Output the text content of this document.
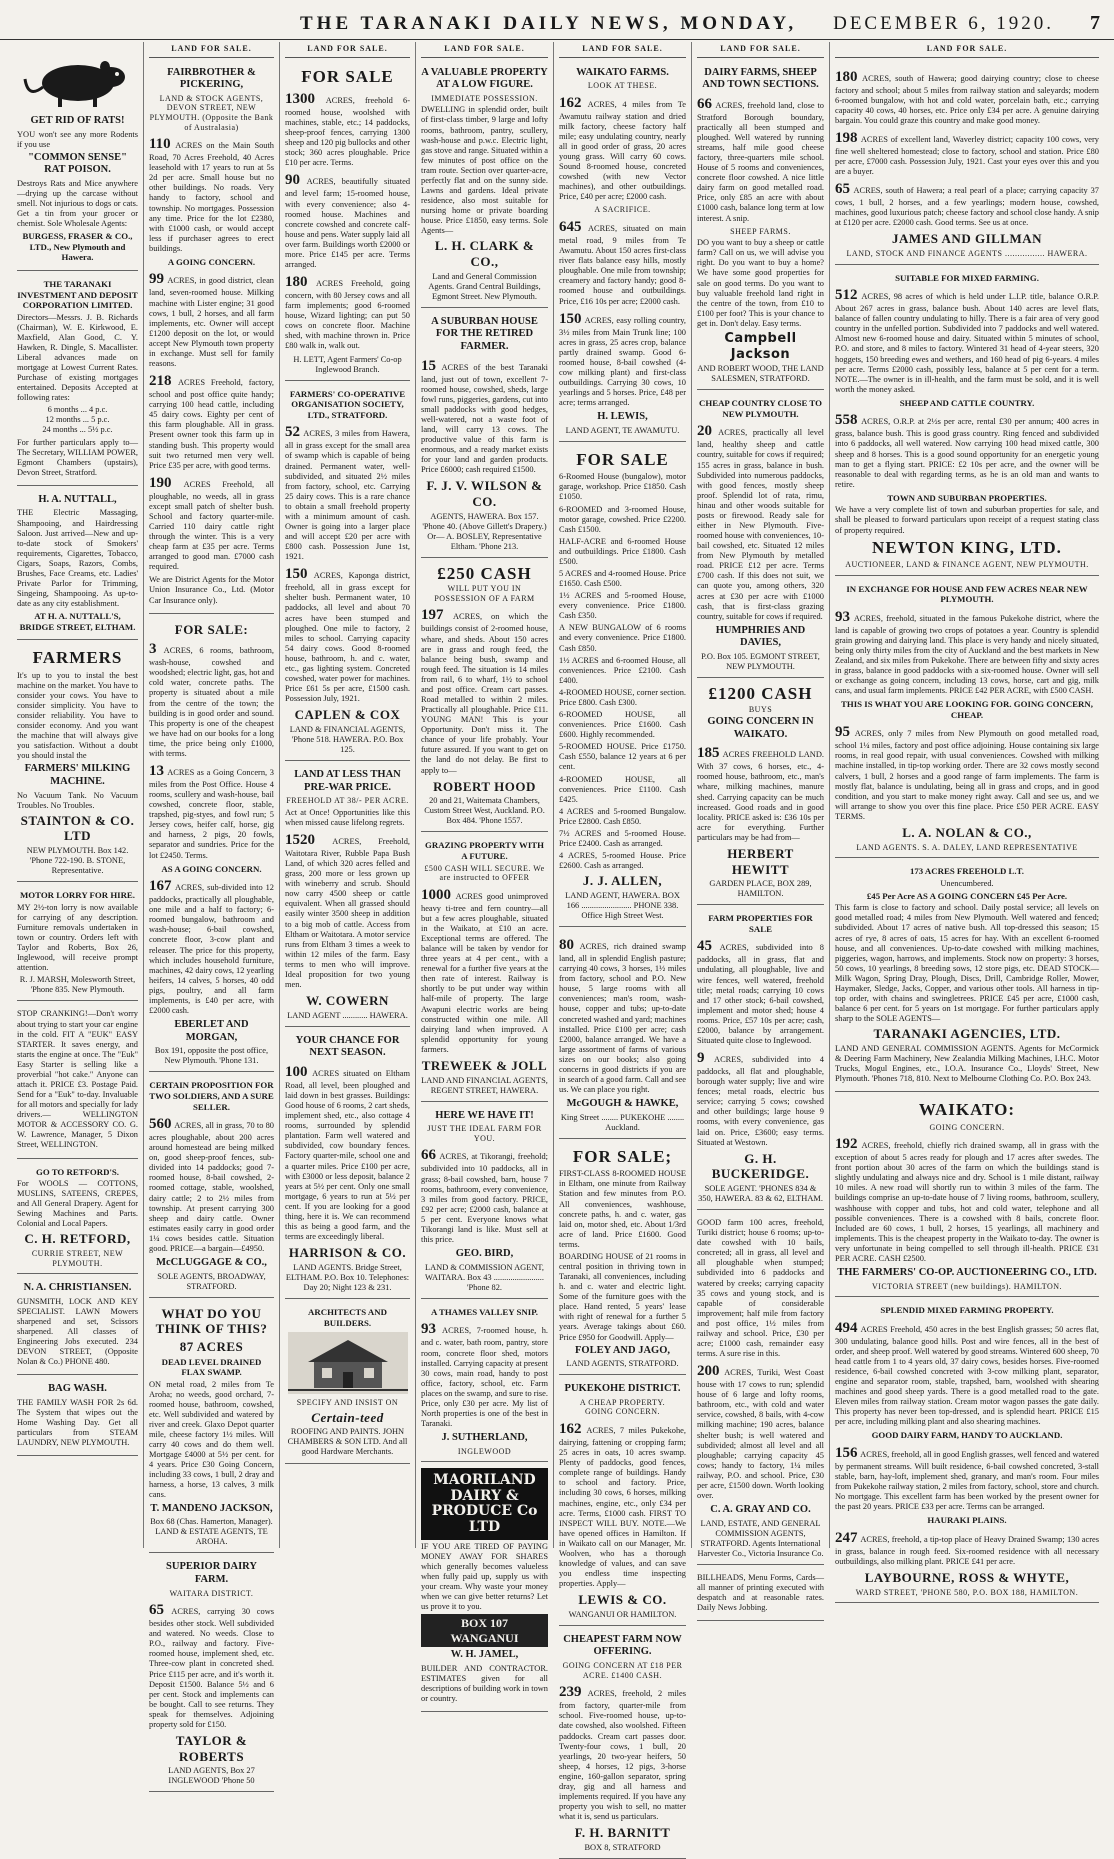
THE TARANAKI DAILY NEWS, MONDAY, DECEMBER 6, 1920. 7
GET RID OF RATS!
YOU won't see any more Rodents if you use
"COMMON SENSE" RAT POISON.
Destroys Rats and Mice anywhere—drying up the carcase without smell. Not injurious to dogs or cats. Get a tin from your grocer or chemist. Sole Wholesale Agents:
BURGESS, FRASER & CO., LTD., New Plymouth and Hawera.
THE TARANAKI INVESTMENT AND DEPOSIT CORPORATION LIMITED.
Directors—Messrs. J. B. Richards (Chairman), W. E. Kirkwood, E. Maxfield, Alan Good, C. Y. Hawken, R. Dingle, S. Macallister. Liberal advances made on mortgage at Lowest Current Rates. Purchase of existing mortgages entertained. Deposits Accepted at following rates:
6 months ... 4 p.c.
12 months ... 5 p.c.
24 months ... 5½ p.c.
For further particulars apply to— The Secretary, WILLIAM POWER, Egmont Chambers (upstairs), Devon Street, Stratford.
H. A. NUTTALL,
THE Electric Massaging, Shampooing, and Hairdressing Saloon. Just arrived—New and up-to-date stock of Smokers' requirements, Cigarettes, Tobacco, Cigars, Soaps, Razors, Combs, Brushes, Face Creams, etc. Ladies' Private Parlor for Trimming, Singeing, Shampooing. As up-to-date as any city establishment.
AT H. A. NUTTALL'S, BRIDGE STREET, ELTHAM.
FARMERS
It's up to you to instal the best machine on the market. You have to consider your cows. You have to consider simplicity. You have to consider reliability. You have to consider economy. And you want the machine that will always give you satisfaction. Without a doubt you should instal the
FARMERS' MILKING MACHINE.
No Vacuum Tank. No Vacuum Troubles. No Troubles.
STAINTON & CO. LTD
NEW PLYMOUTH. Box 142. 'Phone 722-190. B. STONE, Representative.
MOTOR LORRY FOR HIRE.
MY 2½-ton lorry is now available for carrying of any description. Furniture removals undertaken in town or country. Orders left with Taylor and Roberts, Box 26, Inglewood, will receive prompt attention.
R. J. MARSH, Molesworth Street, 'Phone 835. New Plymouth.
STOP CRANKING!—Don't worry about trying to start your car engine in the cold. FIT A "EUK" EASY STARTER. It saves energy, and starts the engine at once. The "Euk" Easy Starter is selling like a proverbial "hot cake." Anyone can attach it. PRICE £3. Postage Paid. Send for a "Euk" to-day. Invaluable for all motors and specially for lady drivers.— WELLINGTON MOTOR & ACCESSORY CO. G. W. Lawrence, Manager, 5 Dixon Street, WELLINGTON.
GO TO RETFORD'S.
For WOOLS — COTTONS, MUSLINS, SATEENS, CREPES, and All General Drapery. Agent for Sewing Machines and Parts. Colonial and Local Papers.
C. H. RETFORD,
CURRIE STREET, NEW PLYMOUTH.
N. A. CHRISTIANSEN.
GUNSMITH, LOCK AND KEY SPECIALIST. LAWN Mowers sharpened and set, Scissors sharpened. All classes of Engineering Jobs executed. 234 DEVON STREET, (Opposite Nolan & Co.) PHONE 480.
BAG WASH.
THE FAMILY WASH FOR 2s 6d. The System that wipes out the Home Washing Day. Get all particulars from STEAM LAUNDRY, NEW PLYMOUTH.
LAND FOR SALE.
FAIRBROTHER & PICKERING,
LAND & STOCK AGENTS, DEVON STREET, NEW PLYMOUTH. (Opposite the Bank of Australasia)
110 ACRES on the Main South Road, 70 Acres Freehold, 40 Acres leasehold with 17 years to run at 5s 2d per acre. Small house but no other buildings. No roads. Very handy to factory, school and township. No mortgages. Possession any time. Price for the lot £2380, with £1000 cash, or would accept less if purchaser agrees to erect buildings.
A GOING CONCERN.
99 ACRES, in good district, clean land, seven-roomed house. Milking machine with Lister engine; 31 good cows, 1 bull, 2 horses, and all farm implements, etc. Owner will accept £1200 deposit on the lot, or would accept New Plymouth town property in exchange. Must sell for family reasons.
218 ACRES Freehold, factory, school and post office quite handy; carrying 100 head cattle, including 45 dairy cows. Eighty per cent of this farm ploughable. All in grass. Present owner took this farm up in standing bush. This property would suit two returned men very well. Price £35 per acre, with good terms.
190 ACRES Freehold, all ploughable, no weeds, all in grass except small patch of shelter bush. School and factory quarter-mile. Carried 110 dairy cattle right through the winter. This is a very cheap farm at £35 per acre. Terms arranged to good man. £7000 cash required.
We are District Agents for the Motor Union Insurance Co., Ltd. (Motor Car Insurance only).
FOR SALE:
3 ACRES, 6 rooms, bathroom, wash-house, cowshed and woodshed; electric light, gas, hot and cold water, concrete paths. The property is situated about a mile from the centre of the town; the building is in good order and sound. This property is one of the cheapest we have had on our books for a long time, the price being only £1000, with terms.
13 ACRES as a Going Concern, 3 miles from the Post Office. House 4 rooms, scullery and wash-house, bail cowshed, concrete floor, stable, trapshed, pig-styes, and fowl run; 5 Jersey cows, heifer calf, horse, gig and harness, 2 pigs, 20 fowls, separator and sundries. Price for the lot £2450. Terms.
AS A GOING CONCERN.
167 ACRES, sub-divided into 12 paddocks, practically all ploughable, one mile and a half to factory; 6-roomed bungalow, bathroom and wash-house; 6-bail cowshed, concrete floor, 3-cow plant and releaser. The price for this property, which includes household furniture, machines, 42 dairy cows, 12 yearling heifers, 14 calves, 5 horses, 40 odd pigs, poultry, and all farm implements, is £40 per acre, with £2000 cash.
EBERLET AND MORGAN,
Box 191, opposite the post office, New Plymouth. 'Phone 131.
CERTAIN PROPOSITION FOR TWO SOLDIERS, AND A SURE SELLER.
560 ACRES, all in grass, 70 to 80 acres ploughable, about 200 acres around homestead are being milked on, good sheep-proof fences, sub-divided into 14 paddocks; good 7-roomed house, 8-bail cowshed, 2-roomed cottage, stable, woolshed, dairy cattle; 2 to 2½ miles from township. At present carrying 300 sheep and dairy cattle. Owner estimates easily carry in good order 1¼ cows besides cattle. Situation good. PRICE—a bargain—£4950.
McCLUGGAGE & CO.,
SOLE AGENTS, BROADWAY, STRATFORD.
WHAT DO YOU THINK OF THIS?
87 ACRES
DEAD LEVEL DRAINED FLAX SWAMP.
ON metal road, 2 miles from Te Aroha; no weeds, good orchard, 7-roomed house, bathroom, cowshed, etc. Well subdivided and watered by river and creek. Glaxo Depot quarter mile, cheese factory 1½ miles. Will carry 40 cows and do them well. Mortgage £4000 at 5½ per cent. for 4 years. Price £30 Going Concern, including 33 cows, 1 bull, 2 dray and harness, a horse, 13 calves, 3 milk cans.
T. MANDENO JACKSON,
Box 68 (Chas. Hamerton, Manager). LAND & ESTATE AGENTS, TE AROHA.
SUPERIOR DAIRY FARM.
WAITARA DISTRICT.
65 ACRES, carrying 30 cows besides other stock. Well subdivided and watered. No weeds. Close to P.O., railway and factory. Five-roomed house, implement shed, etc. Three-cow plant in concreted shed. Price £115 per acre, and it's worth it. Deposit £1500. Balance 5½ and 6 per cent. Stock and implements can be bought. Call to see returns. They speak for themselves. Adjoining property sold for £150.
TAYLOR & ROBERTS
LAND AGENTS, Box 27 INGLEWOOD 'Phone 50
LAND FOR SALE.
FOR SALE
1300 ACRES, freehold 6-roomed house, woolshed with machines, stable, etc.; 14 paddocks, sheep-proof fences, carrying 1300 sheep and 120 pig bullocks and other stock; 360 acres ploughable. Price £10 per acre. Terms.
90 ACRES, beautifully situated and level farm; 15-roomed house, with every convenience; also 4-roomed house. Machines and concrete cowshed and concrete calf-house and pens. Water supply laid all over farm. Buildings worth £2000 or more. Price £145 per acre. Terms arranged.
180 ACRES Freehold, going concern, with 80 Jersey cows and all farm implements; good 6-roomed house, Wizard lighting; can put 50 cows on concrete floor. Machine shed, with machine thrown in. Price £80 walk in, walk out.
H. LETT, Agent Farmers' Co-op Inglewood Branch.
FARMERS' CO-OPERATIVE ORGANISATION SOCIETY, LTD., STRATFORD.
52 ACRES, 3 miles from Hawera, all in grass except for the small area of swamp which is capable of being drained. Permanent water, well-subdivided, and situated 2½ miles from factory, school, etc. Carrying 25 dairy cows. This is a rare chance to obtain a small freehold property with a minimum amount of cash. Owner is going into a larger place and will accept £20 per acre with £800 cash. Possession June 1st, 1921.
150 ACRES, Kaponga district, freehold, all in grass except for shelter bush. Permanent water, 10 paddocks, all level and about 70 acres have been stumped and ploughed. One mile to factory, 2 miles to school. Carrying capacity 54 dairy cows. Good 8-roomed house, bathroom, h. and c. water, etc., gas lighting system. Concreted cowshed, water power for machines. Price £61 5s per acre, £1500 cash. Possession July, 1921.
CAPLEN & COX
LAND & FINANCIAL AGENTS, 'Phone 518. HAWERA. P.O. Box 125.
LAND AT LESS THAN PRE-WAR PRICE.
FREEHOLD AT 38/- PER ACRE.
Act at Once! Opportunities like this when missed cause lifelong regrets.
1520 ACRES, Freehold, Waitotara River, Rubble Papa Bush Land, of which 320 acres felled and grass, 200 more or less grown up with wineberry and scrub. Should now carry 4500 sheep or cattle equivalent. When all grassed should easily winter 3500 sheep in addition to a big mob of cattle. Access from Eltham or Waitotara. A motor service runs from Eltham 3 times a week to within 12 miles of the farm. Easy terms to men who will improve. Ideal proposition for two young men.
W. COWERN
LAND AGENT ............ HAWERA.
YOUR CHANCE FOR NEXT SEASON.
100 ACRES situated on Eltham Road, all level, been ploughed and laid down in best grasses. Buildings: Good house of 6 rooms, 2 cart sheds, implement shed, etc., also cottage 4 rooms, surrounded by splendid plantation. Farm well watered and subdivided, cow boundary fences. Factory quarter-mile, school one and a quarter miles. Price £100 per acre, with £3000 or less deposit, balance 2 years at 5½ per cent. Only one small mortgage, 6 years to run at 5½ per cent. If you are looking for a good thing, here it is. We can recommend this as being a good farm, and the terms are exceedingly liberal.
HARRISON & CO.
LAND AGENTS. Bridge Street, ELTHAM. P.O. Box 10. Telephones: Day 20; Night 123 & 231.
ARCHITECTS AND BUILDERS.
SPECIFY AND INSIST ON
Certain-teed
ROOFING AND PAINTS. JOHN CHAMBERS & SON LTD. And all good Hardware Merchants.
LAND FOR SALE.
A VALUABLE PROPERTY AT A LOW FIGURE.
IMMEDIATE POSSESSION.
DWELLING in splendid order, built of first-class timber, 9 large and lofty rooms, bathroom, pantry, scullery, wash-house and p.w.c. Electric light, gas stove and range. Situated within a few minutes of post office on the tram route. Section over quarter-acre, perfectly flat and on the sunny side. Lawns and gardens. Ideal private residence, also most suitable for nursing home or private boarding house. Price £1850, easy terms. Sole Agents—
L. H. CLARK & CO.,
Land and General Commission Agents. Grand Central Buildings, Egmont Street. New Plymouth.
A SUBURBAN HOUSE FOR THE RETIRED FARMER.
15 ACRES of the best Taranaki land, just out of town, excellent 7-roomed house, cowshed, sheds, large fowl runs, piggeries, gardens, cut into small paddocks with good hedges, well-watered, not a waste foot of land, will carry 13 cows. The productive value of this farm is enormous, and a ready market exists for your land and garden products. Price £6000; cash required £1500.
F. J. V. WILSON & CO.
AGENTS, HAWERA. Box 157. 'Phone 40. (Above Gillett's Drapery.) Or— A. BOSLEY, Representative Eltham. 'Phone 213.
£250 CASH
WILL PUT YOU IN POSSESSION OF A FARM
197 ACRES, on which the buildings consist of 2-roomed house, whare, and sheds. About 150 acres are in grass and rough feed, the balance being bush, swamp and rough feed. The situation is 14 miles from rail, 6 to wharf, 1½ to school and post office. Cream cart passes. Road metalled to within 2 miles. Practically all ploughable. Price £11. YOUNG MAN! This is your Opportunity. Don't miss it. The chance of your life probably. Your future assured. If you want to get on the land do not delay. Be first to apply to—
ROBERT HOOD
20 and 21, Waitemata Chambers, Custom Street West, Auckland. P.O. Box 484. 'Phone 1557.
GRAZING PROPERTY WITH A FUTURE.
£500 CASH WILL SECURE. We are instructed to OFFER
1000 ACRES good unimproved heavy ti-tree and fern country—all but a few acres ploughable, situated in the Waikato, at £10 an acre. Exceptional terms are offered. The balance will be taken by vendor for three years at 4 per cent., with a renewal for a further five years at the then rate of interest. Railway is shortly to be put under way within half-mile of property. The large Awapuni electric works are being constructed within one mile. All dairying land when improved. A splendid opportunity for young farmers.
TREWEEK & JOLL
LAND AND FINANCIAL AGENTS, REGENT STREET, HAWERA.
HERE WE HAVE IT!
JUST THE IDEAL FARM FOR YOU.
66 ACRES, at Tikorangi, freehold; subdivided into 10 paddocks, all in grass; 8-bail cowshed, barn, house 7 rooms, bathroom, every convenience, 3 miles from good factory. PRICE, £92 per acre; £2000 cash, balance at 5 per cent. Everyone knows what Tikorangi land is like. Must sell at this price.
GEO. BIRD,
LAND & COMMISSION AGENT, WAITARA. Box 43 ........................ 'Phone 82.
A THAMES VALLEY SNIP.
93 ACRES, 7-roomed house, h. and c. water, bath room, pantry, store room, concrete floor shed, motors installed. Carrying capacity at present 30 cows, main road, handy to post office, factory, school, etc. Farm places on the swamp, and sure to rise. Price, only £30 per acre. My list of North properties is one of the best in Taranaki.
J. SUTHERLAND,
INGLEWOOD
MAORILAND DAIRY & PRODUCE Co LTD
IF YOU ARE TIRED OF PAYING MONEY AWAY FOR SHARES which generally becomes valueless when fully paid up, supply us with your cream. Why waste your money when we can give better returns? Let us prove it to you.
BOX 107 WANGANUI
W. H. JAMEL,
BUILDER AND CONTRACTOR. ESTIMATES given for all descriptions of building work in town or country.
LAND FOR SALE.
WAIKATO FARMS.
LOOK AT THESE.
162 ACRES, 4 miles from Te Awamutu railway station and dried milk factory, cheese factory half mile; easy undulating country, nearly all in good order of grass, 20 acres young grass. Will carry 60 cows. Sound 8-roomed house, concreted cowshed (with new Vector machines), and other outbuildings. Price, £40 per acre; £2000 cash.
A SACRIFICE.
645 ACRES, situated on main metal road, 9 miles from Te Awamutu. About 150 acres first-class river flats balance easy hills, mostly ploughable. One mile from township; creamery and factory handy; good 8-roomed house and outbuildings. Price, £16 10s per acre; £2000 cash.
150 ACRES, easy rolling country, 3½ miles from Main Trunk line; 100 acres in grass, 25 acres crop, balance partly drained swamp. Good 6-roomed house, 8-bail cowshed (4-cow milking plant) and first-class outbuildings. Carrying 30 cows, 10 yearlings and 5 horses. Price, £48 per acre; terms arranged.
H. LEWIS,
LAND AGENT, TE AWAMUTU.
FOR SALE
6-Roomed House (bungalow), motor garage, workshop. Price £1850. Cash £1050.
6-ROOMED and 3-roomed House, motor garage, cowshed. Price £2200. Cash £1500.
HALF-ACRE and 6-roomed House and outbuildings. Price £1800. Cash £500.
5 ACRES and 4-roomed House. Price £1650. Cash £500.
1½ ACRES and 5-roomed House, every convenience. Price £1800. Cash £350.
A NEW BUNGALOW of 6 rooms and every convenience. Price £1800. Cash £850.
1½ ACRES and 6-roomed House, all conveniences. Price £2100. Cash £400.
4-ROOMED HOUSE, corner section. Price £800. Cash £300.
6-ROOMED HOUSE, all conveniences. Price £1600. Cash £600. Highly recommended.
5-ROOMED HOUSE. Price £1750. Cash £550, balance 12 years at 6 per cent.
4-ROOMED HOUSE, all conveniences. Price £1100. Cash £425.
4 ACRES and 5-roomed Bungalow. Price £2800. Cash £850.
7½ ACRES and 5-roomed House. Price £2400. Cash as arranged.
4 ACRES, 5-roomed House. Price £2600. Cash as arranged.
J. J. ALLEN,
LAND AGENT, HAWERA. BOX 166 ........................ PHONE 338. Office High Street West.
80 ACRES, rich drained swamp land, all in splendid English pasture; carrying 40 cows, 3 horses, 1½ miles from factory, school and P.O. New house, 5 large rooms with all conveniences; man's room, wash-house, copper and tubs; up-to-date concreted washed and yard; machines installed. Price £100 per acre; cash £2000, balance arranged. We have a large assortment of farms of various sizes on our books; also going concerns in good districts if you are in search of a good farm. Call and see us. We can place you right.
McGOUGH & HAWKE,
King Street ........ PUKEKOHE ........ Auckland.
FOR SALE;
FIRST-CLASS 8-ROOMED HOUSE in Eltham, one minute from Railway Station and few minutes from P.O. All conveniences, washhouse, concrete paths, h. and c. water, gas laid on, motor shed, etc. About 1/3rd acre of land. Price £1600. Good terms.
BOARDING HOUSE of 21 rooms in central position in thriving town in Taranaki, all conveniences, including h. and c. water and electric light. Some of the furniture goes with the place. Hand rented, 5 years' lease with right of renewal for a further 5 years. Average takings about £60. Price £950 for Goodwill. Apply—
FOLEY AND JAGO,
LAND AGENTS, STRATFORD.
PUKEKOHE DISTRICT.
A CHEAP PROPERTY.
GOING CONCERN.
162 ACRES, 7 miles Pukekohe, dairying, fattening or cropping farm; 25 acres in oats, 10 acres swamp. Plenty of paddocks, good fences, complete range of buildings. Handy to school and factory. Price, including 30 cows, 6 horses, milking machines, engine, etc., only £34 per acre. Terms, £1000 cash. FIRST TO INSPECT WILL BUY. NOTE.—We have opened offices in Hamilton. If in Waikato call on our Manager, Mr. Woolven, who has a thorough knowledge of values, and can save you endless time inspecting properties. Apply—
LEWIS & CO.
WANGANUI OR HAMILTON.
CHEAPEST FARM NOW OFFERING.
GOING CONCERN AT £18 PER ACRE. £1400 CASH.
239 ACRES, freehold, 2 miles from factory, quarter-mile from school. Five-roomed house, up-to-date cowshed, also woolshed. Fifteen paddocks. Cream cart passes door. Twenty-four cows, 1 bull, 20 yearlings, 20 two-year heifers, 50 sheep, 4 horses, 12 pigs, 3-horse engine, 160-gallon separator, spring dray, gig and all harness and implements required. If you have any property you wish to sell, no matter what it is, send us particulars.
F. H. BARNITT
BOX 8, STRATFORD
LAND FOR SALE.
DAIRY FARMS, SHEEP AND TOWN SECTIONS.
66 ACRES, freehold land, close to Stratford Borough boundary, practically all been stumped and ploughed. Well watered by running streams, half mile good cheese factory, three-quarters mile school. House of 5 rooms and conveniences, concrete floor cowshed. A nice little dairy farm on good metalled road. Price, only £85 an acre with about £1000 cash, balance long term at low interest. A snip.
SHEEP FARMS.
DO you want to buy a sheep or cattle farm? Call on us, we will advise you right. Do you want to buy a home? We have some good properties for sale on good terms. Do you want to buy valuable freehold land right in the centre of the town, from £10 to £100 per foot? This is your chance to get in. Don't delay. Easy terms.
Campbell Jackson
AND ROBERT WOOD, THE LAND SALESMEN, STRATFORD.
CHEAP COUNTRY CLOSE TO NEW PLYMOUTH.
20 ACRES, practically all level land, healthy sheep and cattle country, suitable for cows if required; 155 acres in grass, balance in bush. Subdivided into numerous paddocks, with good fences, mostly sheep proof. Splendid lot of rata, rimu, hinau and other woods suitable for posts or firewood. Ready sale for either in New Plymouth. Five-roomed house with conveniences, 10-bail cowshed, etc. Situated 12 miles from New Plymouth by metalled road. PRICE £12 per acre. Terms £700 cash. If this does not suit, we can quote you, among others, 320 acres at £30 per acre with £1000 cash, that is first-class grazing country, suitable for cows if required.
HUMPHRIES AND DAVIES,
P.O. Box 105. EGMONT STREET, NEW PLYMOUTH.
£1200 CASH
BUYS
GOING CONCERN IN WAIKATO.
185 ACRES FREEHOLD LAND. With 37 cows, 6 horses, etc., 4-roomed house, bathroom, etc., man's whare, milking machines, manure shed. Carrying capacity can be much increased. Good roads and in good locality. PRICE asked is: £36 10s per acre for everything. Further particulars may be had from—
HERBERT HEWITT
GARDEN PLACE, BOX 289, HAMILTON.
FARM PROPERTIES FOR SALE
45 ACRES, subdivided into 8 paddocks, all in grass, flat and undulating, all ploughable, live and wire fences, well watered, freehold title; metal roads; carrying 10 cows and 17 other stock; 6-bail cowshed, implement and motor shed; house 4 rooms. Price, £57 10s per acre; cash, £2000, balance by arrangement. Situated quite close to Inglewood.
9 ACRES, subdivided into 4 paddocks, all flat and ploughable, borough water supply; live and wire fences; metal roads, electric bus service; carrying 5 cows; cowshed and other buildings; large house 9 rooms, with every convenience, gas laid on. Price, £3600; easy terms. Situated at Westown.
G. H. BUCKERIDGE.
SOLE AGENT. 'PHONES 834 & 350, HAWERA. 83 & 62, ELTHAM.
GOOD farm 100 acres, freehold, Turiki district; house 6 rooms; up-to-date cowshed with 10 bails, concreted; all in grass, all level and all ploughable when stumped; subdivided into 6 paddocks and watered by creeks; carrying capacity 35 cows and young stock, and is capable of considerable improvement; half mile from factory and post office, 1½ miles from railway and school. Price, £30 per acre; £1000 cash, remainder easy terms. A sure rise in this.
200 ACRES, Turiki, West Coast house with 17 cows to run; splendid house of 6 large and lofty rooms, bathroom, etc., with cold and water service, cowshed, 8 bails, with 4-cow milking machine; 190 acres, balance shelter bush; is well watered and subdivided; almost all level and all ploughable; carrying capacity 45 cows; handy to factory, 1¼ miles railway, P.O. and school. Price, £30 per acre, £1500 down. Worth looking over.
C. A. GRAY AND CO.
LAND, ESTATE, AND GENERAL COMMISSION AGENTS, STRATFORD. Agents International Harvester Co., Victoria Insurance Co.
BILLHEADS, Menu Forms, Cards—all manner of printing executed with despatch and at reasonable rates. Daily News Jobbing.
LAND FOR SALE.
180 ACRES, south of Hawera; good dairying country; close to cheese factory and school; about 5 miles from railway station and saleyards; modern 6-roomed bungalow, with hot and cold water, porcelain bath, etc.; carrying capacity 40 cows, 40 horses, etc. Price only £34 per acre. A genuine dairying bargain. You could graze this country and make good money.
198 ACRES of excellent land, Waverley district; capacity 100 cows, very fine well sheltered homestead; close to factory, school and station. Price £80 per acre, £7000 cash. Possession July, 1921. Cast your eyes over this and you are a buyer.
65 ACRES, south of Hawera; a real pearl of a place; carrying capacity 37 cows, 1 bull, 2 horses, and a few yearlings; modern house, cowshed, machines, good luxurious patch; cheese factory and school close handy. A snip at £120 per acre. £2000 cash. Good terms. See us at once.
JAMES AND GILLMAN
LAND, STOCK AND FINANCE AGENTS ................ HAWERA.
SUITABLE FOR MIXED FARMING.
512 ACRES, 98 acres of which is held under L.I.P. title, balance O.R.P. About 267 acres in grass, balance bush. About 140 acres are level flats, balance of fallen country undulating to hilly. There is a fair area of very good country in the unfelled portion. Subdivided into 7 paddocks and well watered. Almost new 6-roomed house and dairy. Situated within 5 minutes of school, P.O. and store, and 8 miles to factory. Wintered 31 head of 4-year steers, 320 hoggets, 150 breeding ewes and wethers, and 160 head of pig 6-years. 4 miles per acre. Terms £2000 cash, possibly less, balance at 5 per cent for a term. NOTE.—The owner is in ill-health, and the farm must be sold, and it is well worth the money asked.
SHEEP AND CATTLE COUNTRY.
558 ACRES, O.R.P. at 2½s per acre, rental £30 per annum; 400 acres in grass, balance bush. This is good grass country. Ring fenced and subdivided into 6 paddocks, all well watered. Now carrying 100 head mixed cattle, 300 sheep and 8 horses. This is a good sound opportunity for an energetic young man to get a flying start. PRICE: £2 10s per acre, and the owner will be reasonable to deal with regarding terms, as he is an old man and wants to retire.
TOWN AND SUBURBAN PROPERTIES.
We have a very complete list of town and suburban properties for sale, and shall be pleased to forward particulars upon receipt of a request stating class of property required.
NEWTON KING, LTD.
AUCTIONEER, LAND & FINANCE AGENT, NEW PLYMOUTH.
IN EXCHANGE FOR HOUSE AND FEW ACRES NEAR NEW PLYMOUTH.
93 ACRES, freehold, situated in the famous Pukekohe district, where the land is capable of growing two crops of potatoes a year. Country is splendid grain growing and dairying land. This place is very handy and nicely situated, being only thirty miles from the city of Auckland and the best markets in New Zealand, and six miles from Pukekohe. There are between fifty and sixty acres in grass, balance in good paddocks with a six-roomed house. Owner will sell or exchange as going concern, including 13 cows, horse, cart and gig, milk cans, and usual farm implements. PRICE £42 PER ACRE, with £500 CASH.
THIS IS WHAT YOU ARE LOOKING FOR. GOING CONCERN, CHEAP.
95 ACRES, only 7 miles from New Plymouth on good metalled road, school 1¼ miles, factory and post office adjoining. House containing six large rooms, in real good repair, with usual conveniences. Cowshed with milking machine installed, in tip-top working order. There are 32 cows mostly second calvers, 1 bull, 2 horses and a good range of farm implements. The farm is mostly flat, balance is undulating, being all in grass and crops, and in good condition, and you start to make money right away. Call and see us, and we will arrange to show you over this fine place. Price £50 PER ACRE. EASY TERMS.
L. A. NOLAN & CO.,
LAND AGENTS. S. A. DALEY, LAND REPRESENTATIVE
173 ACRES FREEHOLD L.T.
Unencumbered.
£45 Per Acre AS A GOING CONCERN £45 Per Acre.
This farm is close to factory and school. Daily postal service; all levels on good metalled road; 4 miles from New Plymouth. Well watered and fenced; subdivided. About 17 acres of native bush. All top-dressed this season; 15 acres of rye, 8 acres of oats, 15 acres for hay. With an excellent 6-roomed house, and all conveniences. Up-to-date cowshed with milking machines, piggeries, wagon, harrows, and implements. Stock now on property: 3 horses, 50 cows, 10 yearlings, 8 breeding sows, 12 store pigs, etc. DEAD STOCK—Milk Wagon, Spring Dray, Plough, Discs, Drill, Cambridge Roller, Mower, Haymaker, Sledge, Jacks, Copper, and various other tools. All harness in tip-top order, with chains and swingletrees. PRICE £45 per acre, £1000 cash, balance 6 per cent. for 5 years on 1st mortgage. For further particulars apply sharp to the SOLE AGENTS—
TARANAKI AGENCIES, LTD.
LAND AND GENERAL COMMISSION AGENTS. Agents for McCormick & Deering Farm Machinery, New Zealandia Milking Machines, I.H.C. Motor Trucks, Mogul Engines, etc., I.O.A. Insurance Co., Lloyds' Street, New Plymouth. 'Phones 718, 810. Next to Melbourne Clothing Co. P.O. Box 243.
WAIKATO:
GOING CONCERN.
192 ACRES, freehold, chiefly rich drained swamp, all in grass with the exception of about 5 acres ready for plough and 17 acres after swedes. The front portion about 30 acres of the farm on which the buildings stand is slightly undulating and always nice and dry. School is 1 mile distant, railway 10 miles. A new road will shortly run to within 3 miles of the farm. The buildings comprise an up-to-date house of 7 living rooms, bathroom, scullery, washhouse with copper and tubs, hot and cold water, telephone and all possible conveniences. There is a cowshed with 8 bails, concrete floor. Included are 60 cows, 1 bull, 2 horses, 15 yearlings, all machinery and implements. This is the cheapest property in the Waikato to-day. The owner is very unfortunate in being compelled to sell through ill-health. PRICE £31 PER ACRE. CASH £2500.
THE FARMERS' CO-OP. AUCTIONEERING CO., LTD.
VICTORIA STREET (new buildings). HAMILTON.
SPLENDID MIXED FARMING PROPERTY.
494 ACRES Freehold, 450 acres in the best English grasses; 50 acres flat, 300 undulating, balance good hills. Post and wire fences, all in the best of order, and sheep proof. Well watered by good streams. Wintered 600 sheep, 70 head cattle from 1 to 4 years old, 37 dairy cows, besides horses. Five-roomed residence, 6-bail cowshed concreted with 3-cow milking plant, separator, engine and separator room, stable, trapshed, barn, woolshed with shearing machines and good sheep yards. There is a good metalled road to the gate. Eleven miles from railway station. Cream motor wagon passes the gate daily. This property has never been top-dressed, and is splendid heart. PRICE £15 per acre, including milking plant and also shearing machines.
GOOD DAIRY FARM, HANDY TO AUCKLAND.
156 ACRES, freehold, all in good English grasses, well fenced and watered by permanent streams. Will built residence, 6-bail cowshed concreted, 3-stall stable, barn, hay-loft, implement shed, granary, and man's room. Four miles from Pukekohe railway station, 2 miles from factory, school, store and church. No mortgage. This excellent farm has been worked by the present owner for the past 20 years. PRICE £33 per acre. Terms can be arranged.
HAURAKI PLAINS.
247 ACRES, freehold, a tip-top place of Heavy Drained Swamp; 130 acres in grass, balance in rough feed. Six-roomed residence with all necessary outbuildings, also milking plant. PRICE £41 per acre.
LAYBOURNE, ROSS & WHYTE,
WARD STREET, 'PHONE 580, P.O. BOX 188, HAMILTON.
